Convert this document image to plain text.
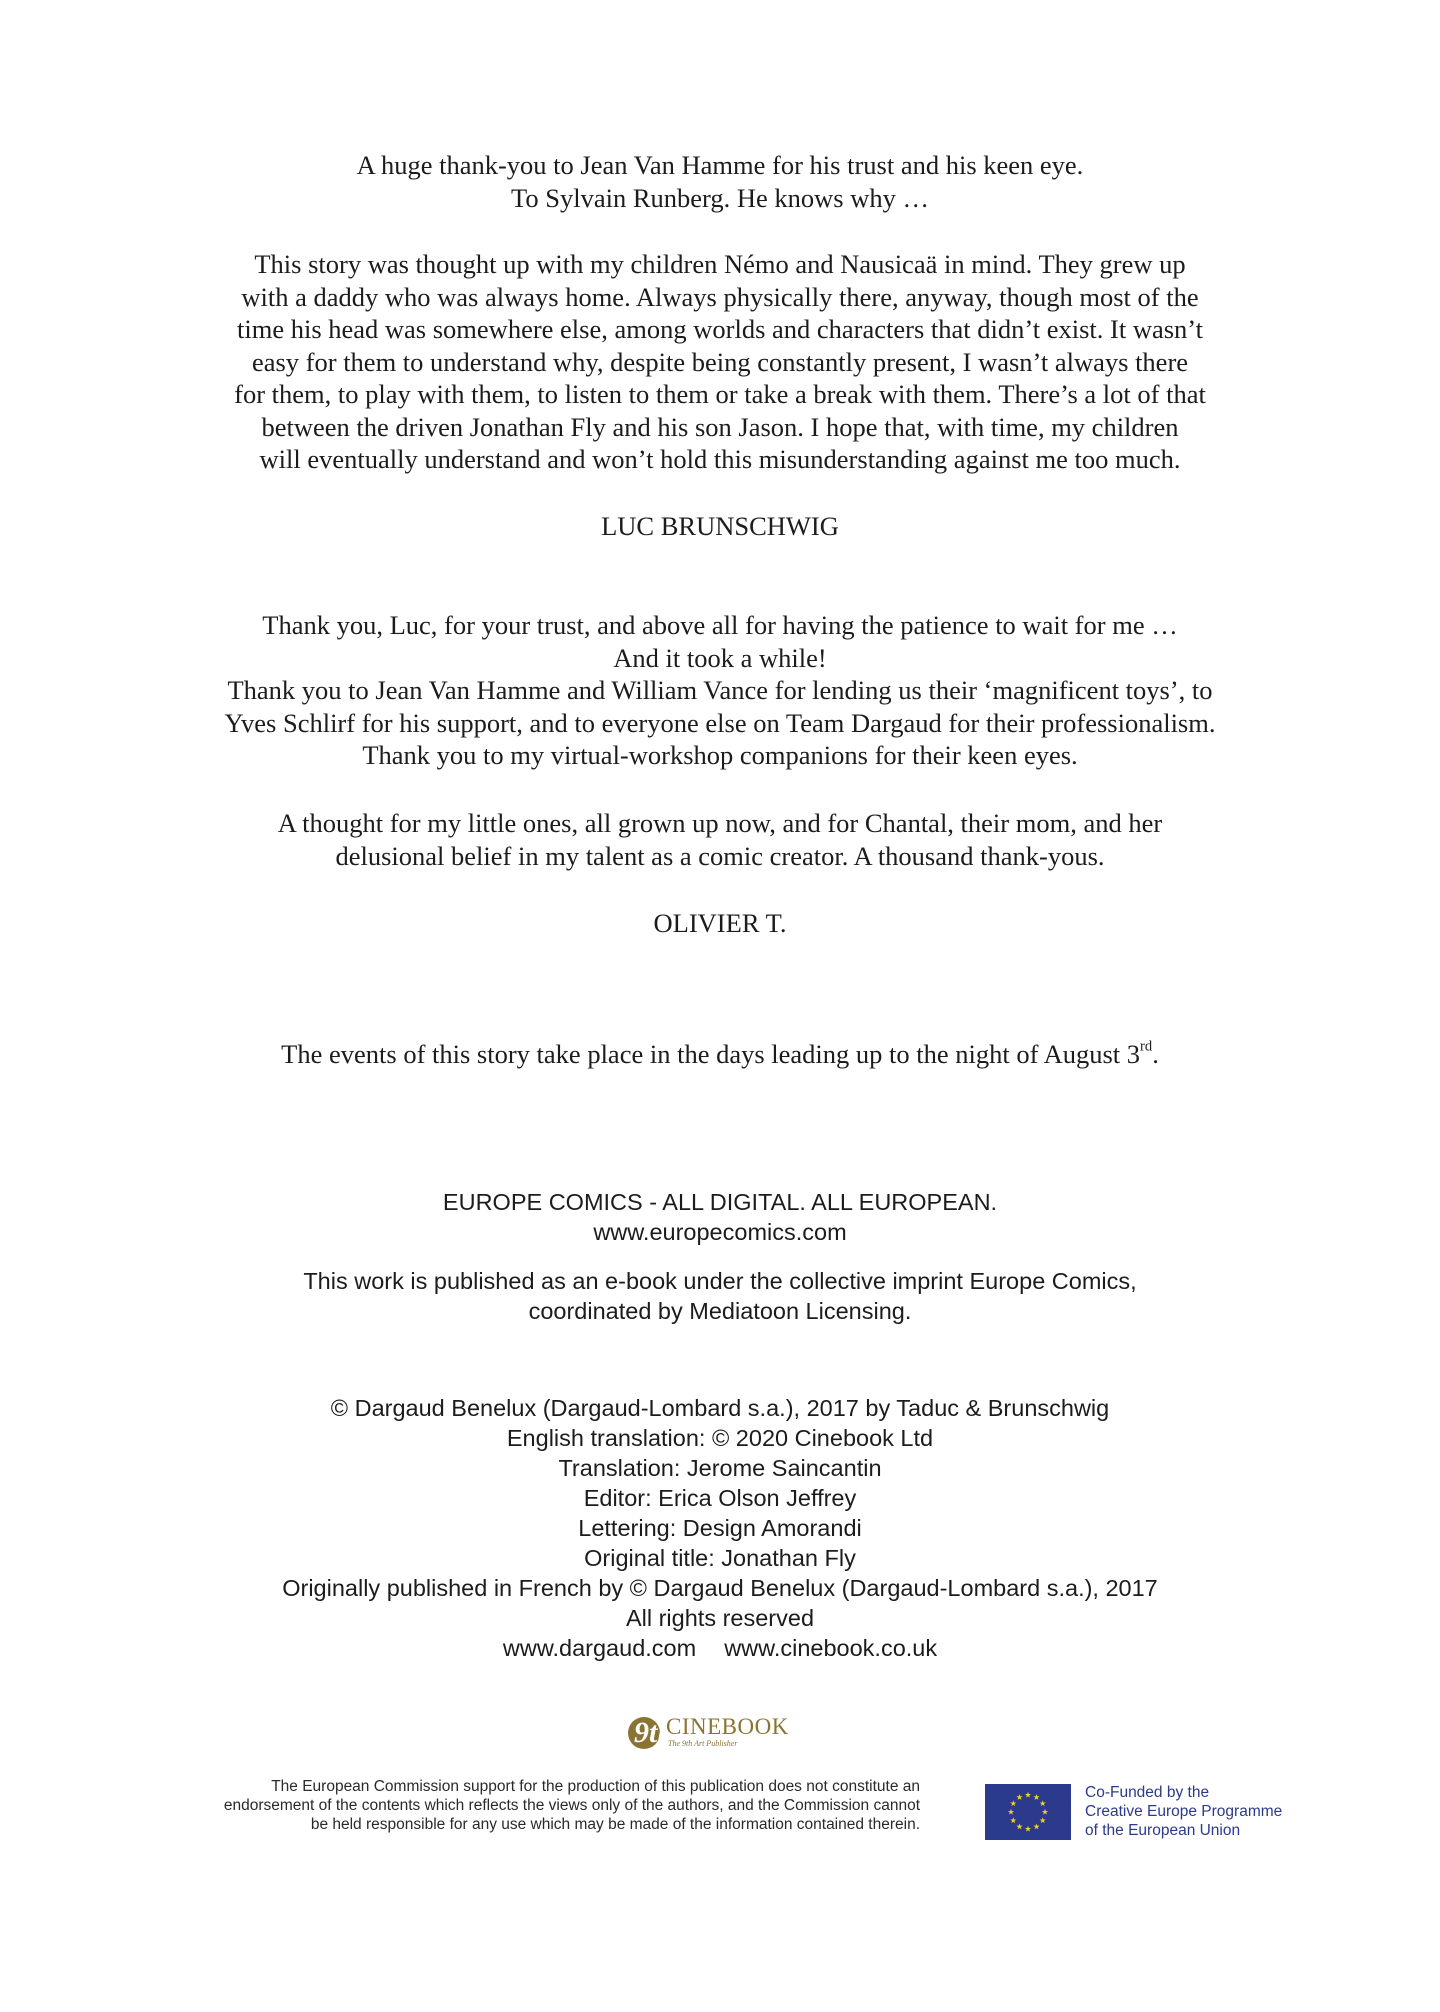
A huge thank-you to Jean Van Hamme for his trust and his keen eye.
To Sylvain Runberg. He knows why …
This story was thought up with my children Némo and Nausicaä in mind. They grew up
with a daddy who was always home. Always physically there, anyway, though most of the
time his head was somewhere else, among worlds and characters that didn’t exist. It wasn’t
easy for them to understand why, despite being constantly present, I wasn’t always there
for them, to play with them, to listen to them or take a break with them. There’s a lot of that
between the driven Jonathan Fly and his son Jason. I hope that, with time, my children
will eventually understand and won’t hold this misunderstanding against me too much.
LUC BRUNSCHWIG
Thank you, Luc, for your trust, and above all for having the patience to wait for me …
And it took a while!
Thank you to Jean Van Hamme and William Vance for lending us their ‘magnificent toys’, to
Yves Schlirf for his support, and to everyone else on Team Dargaud for their professionalism.
Thank you to my virtual-workshop companions for their keen eyes.
A thought for my little ones, all grown up now, and for Chantal, their mom, and her
delusional belief in my talent as a comic creator. A thousand thank-yous.
OLIVIER T.
The events of this story take place in the days leading up to the night of August 3rd.
EUROPE COMICS - ALL DIGITAL. ALL EUROPEAN.
www.europecomics.com
This work is published as an e-book under the collective imprint Europe Comics,
coordinated by Mediatoon Licensing.
© Dargaud Benelux (Dargaud-Lombard s.a.), 2017 by Taduc & Brunschwig
English translation: © 2020 Cinebook Ltd
Translation: Jerome Saincantin
Editor: Erica Olson Jeffrey
Lettering: Design Amorandi
Original title: Jonathan Fly
Originally published in French by © Dargaud Benelux (Dargaud-Lombard s.a.), 2017
All rights reserved
www.dargaud.com www.cinebook.co.uk
9th
CINEBOOK
The 9th Art Publisher
The European Commission support for the production of this publication does not constitute an
endorsement of the contents which reflects the views only of the authors, and the Commission cannot
be held responsible for any use which may be made of the information contained therein.
Co-Funded by the
Creative Europe Programme
of the European Union
